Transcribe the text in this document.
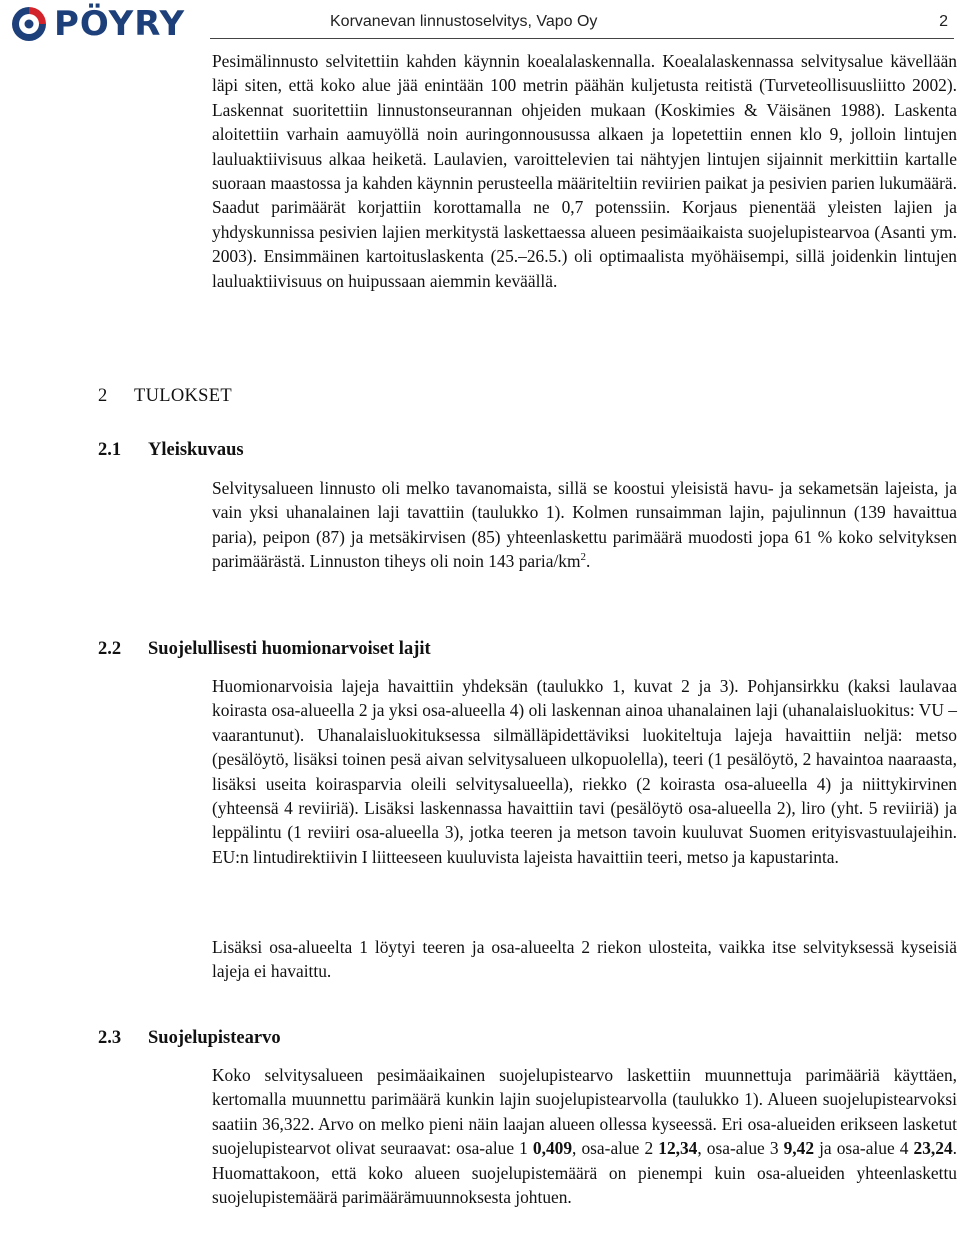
PÖYRY	Korvanevan linnustoselvitys, Vapo Oy	2

Pesimälinnusto selvitettiin kahden käynnin koealalaskennalla. Koealalaskennassa selvitysalue kävellään läpi siten, että koko alue jää enintään 100 metrin päähän kuljetusta reitistä (Turveteollisuusliitto 2002). Laskennat suoritettiin linnustonseurannan ohjeiden mukaan (Koskimies & Väisänen 1988). Laskenta aloitettiin varhain aamuyöllä noin auringonnousussa alkaen ja lopetettiin ennen klo 9, jolloin lintujen lauluaktiivisuus alkaa heiketä. Laulavien, varoittelevien tai nähtyjen lintujen sijainnit merkittiin kartalle suoraan maastossa ja kahden käynnin perusteella määriteltiin reviirien paikat ja pesivien parien lukumäärä. Saadut parimäärät korjattiin korottamalla ne 0,7 potenssiin. Korjaus pienentää yleisten lajien ja yhdyskunnissa pesivien lajien merkitystä laskettaessa alueen pesimäaikaista suojelupistearvoa (Asanti ym. 2003). Ensimmäinen kartoituslaskenta (25.–26.5.) oli optimaalista myöhäisempi, sillä joidenkin lintujen lauluaktiivisuus on huipussaan aiemmin keväällä.

2 TULOKSET
2.1 Yleiskuvaus

Selvitysalueen linnusto oli melko tavanomaista, sillä se koostui yleisistä havu- ja sekametsän lajeista, ja vain yksi uhanalainen laji tavattiin (taulukko 1). Kolmen runsaimman lajin, pajulinnun (139 havaittua paria), peipon (87) ja metsäkirvisen (85) yhteenlaskettu parimäärä muodosti jopa 61 % koko selvityksen parimäärästä. Linnuston tiheys oli noin 143 paria/$km^2$.

2.2 Suojelullisesti huomionarvoiset lajit

Huomionarvoisia lajeja havaittiin yhdeksän (taulukko 1, kuvat 2 ja 3). Pohjansirkku (kaksi laulavaa koirasta osa-alueella 2 ja yksi osa-alueella 4) oli laskennan ainoa uhanalainen laji (uhanalaisluokitus: VU – vaarantunut). Uhanalaisluokituksessa silmälläpidettäviksi luokiteltuja lajeja havaittiin neljä: metso (pesälöytö, lisäksi toinen pesä aivan selvitysalueen ulkopuolella), teeri (1 pesälöytö, 2 havaintoa naaraasta, lisäksi useita koirasparvia oleili selvitysalueella), riekko (2 koirasta osa-alueella 4) ja niittykirvinen (yhteensä 4 reviiriä). Lisäksi laskennassa havaittiin tavi (pesälöytö osa-alueella 2), liro (yht. 5 reviiriä) ja leppälintu (1 reviiri osa-alueella 3), jotka teeren ja metson tavoin kuuluvat Suomen erityisvastuulajeihin. EU:n lintudirektiivin I liitteeseen kuuluvista lajeista havaittiin teeri, metso ja kapustarinta.

Lisäksi osa-alueelta 1 löytyi teeren ja osa-alueelta 2 riekon ulosteita, vaikka itse selvityksessä kyseisiä lajeja ei havaittu.

2.3 Suojelupistearvo

Koko selvitysalueen pesimäaikainen suojelupistearvo laskettiin muunnettuja parimääriä käyttäen, kertomalla muunnettu parimäärä kunkin lajin suojelupistearvolla (taulukko 1). Alueen suojelupistearvoksi saatiin 36,322. Arvo on melko pieni näin laajan alueen ollessa kyseessä. Eri osa-alueiden erikseen lasketut suojelupistearvot olivat seuraavat: osa-alue 1 0,409, osa-alue 2 12,34, osa-alue 3 9,42 ja osa-alue 4 23,24. Huomattakoon, että koko alueen suojelupistemäärä on pienempi kuin osa-alueiden yhteenlaskettu suojelupistemäärä parimäärämuunnoksesta johtuen.
